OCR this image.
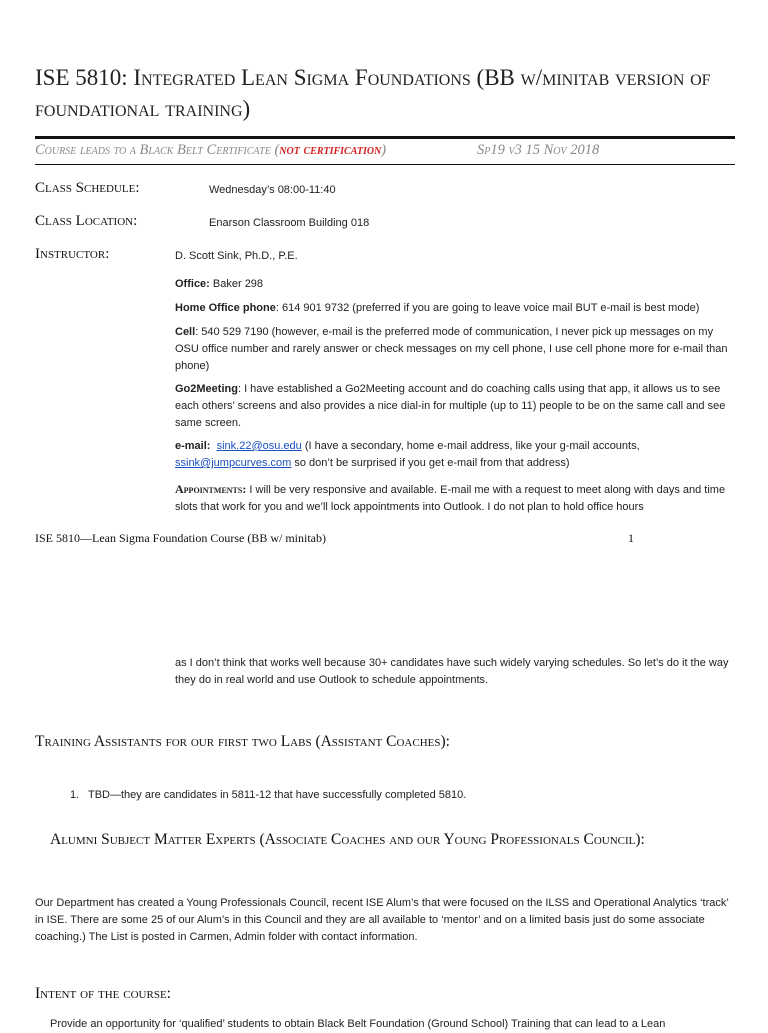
ISE 5810: Integrated Lean Sigma Foundations (BB w/minitab version of foundational training)
Course leads to a Black Belt Certificate (not certification)	Sp19 v3 15 Nov 2018
Class Schedule:	Wednesday’s 08:00-11:40
Class Location:	Enarson Classroom Building 018
Instructor:	D. Scott Sink, Ph.D., P.E.
Office: Baker 298
Home Office phone: 614 901 9732 (preferred if you are going to leave voice mail BUT e-mail is best mode)
Cell: 540 529 7190 (however, e-mail is the preferred mode of communication, I never pick up messages on my OSU office number and rarely answer or check messages on my cell phone, I use cell phone more for e-mail than phone)
Go2Meeting: I have established a Go2Meeting account and do coaching calls using that app, it allows us to see each others’ screens and also provides a nice dial-in for multiple (up to 11) people to be on the same call and see same screen.
e-mail: sink.22@osu.edu (I have a secondary, home e-mail address, like your g-mail accounts,
ssink@jumpcurves.com so don’t be surprised if you get e-mail from that address)
Appointments: I will be very responsive and available. E-mail me with a request to meet along with days and time slots that work for you and we’ll lock appointments into Outlook. I do not plan to hold office hours
ISE 5810—Lean Sigma Foundation Course (BB w/ minitab)	1
as I don’t think that works well because 30+ candidates have such widely varying schedules. So let’s do it the way they do in real world and use Outlook to schedule appointments.
Training Assistants for our first two Labs (Assistant Coaches):
1. TBD—they are candidates in 5811-12 that have successfully completed 5810.
Alumni Subject Matter Experts (Associate Coaches and our Young Professionals Council):
Our Department has created a Young Professionals Council, recent ISE Alum’s that were focused on the ILSS and Operational Analytics ‘track’ in ISE. There are some 25 of our Alum’s in this Council and they are all available to ‘mentor’ and on a limited basis just do some associate coaching.) The List is posted in Carmen, Admin folder with contact information.
Intent of the course:
Provide an opportunity for ‘qualified’ students to obtain Black Belt Foundation (Ground School) Training that can lead to a Lean
